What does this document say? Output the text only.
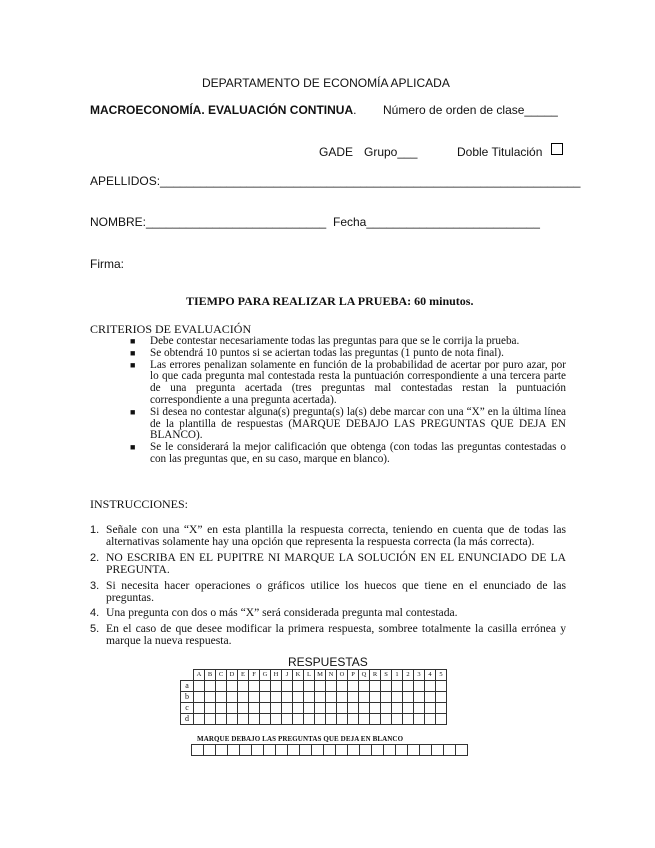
DEPARTAMENTO DE ECONOMÍA APLICADA
MACROECONOMÍA. EVALUACIÓN CONTINUA. Número de orden de clase_____
GADE Grupo___	Doble Titulación
APELLIDOS:_______________________________________________________________
NOMBRE:___________________________ Fecha__________________________
Firma:
TIEMPO PARA REALIZAR LA PRUEBA: 60 minutos.
CRITERIOS DE EVALUACIÓN
■ Debe contestar necesariamente todas las preguntas para que se le corrija la prueba.
■ Se obtendrá 10 puntos si se aciertan todas las preguntas (1 punto de nota final).
■ Las errores penalizan solamente en función de la probabilidad de acertar por puro azar, por lo que cada pregunta mal contestada resta la puntuación correspondiente a una tercera parte de una pregunta acertada (tres preguntas mal contestadas restan la puntuación correspondiente a una pregunta acertada).
■ Si desea no contestar alguna(s) pregunta(s) la(s) debe marcar con una “X” en la última línea de la plantilla de respuestas (MARQUE DEBAJO LAS PREGUNTAS QUE DEJA EN BLANCO).
■ Se le considerará la mejor calificación que obtenga (con todas las preguntas contestadas o con las preguntas que, en su caso, marque en blanco).
INSTRUCCIONES:
1. Señale con una “X” en esta plantilla la respuesta correcta, teniendo en cuenta que de todas las alternativas solamente hay una opción que representa la respuesta correcta (la más correcta).
2. NO ESCRIBA EN EL PUPITRE NI MARQUE LA SOLUCIÓN EN EL ENUNCIADO DE LA PREGUNTA.
3. Si necesita hacer operaciones o gráficos utilice los huecos que tiene en el enunciado de las preguntas.
4. Una pregunta con dos o más “X” será considerada pregunta mal contestada.
5. En el caso de que desee modificar la primera respuesta, sombree totalmente la casilla errónea y marque la nueva respuesta.
RESPUESTAS
	A	B	C	D	E	F	G	H	J	K	L	M	N	O	P	Q	R	S	1	2	3	4	5
a																							
b																							
c																							
d																							
MARQUE DEBAJO LAS PREGUNTAS QUE DEJA EN BLANCO
